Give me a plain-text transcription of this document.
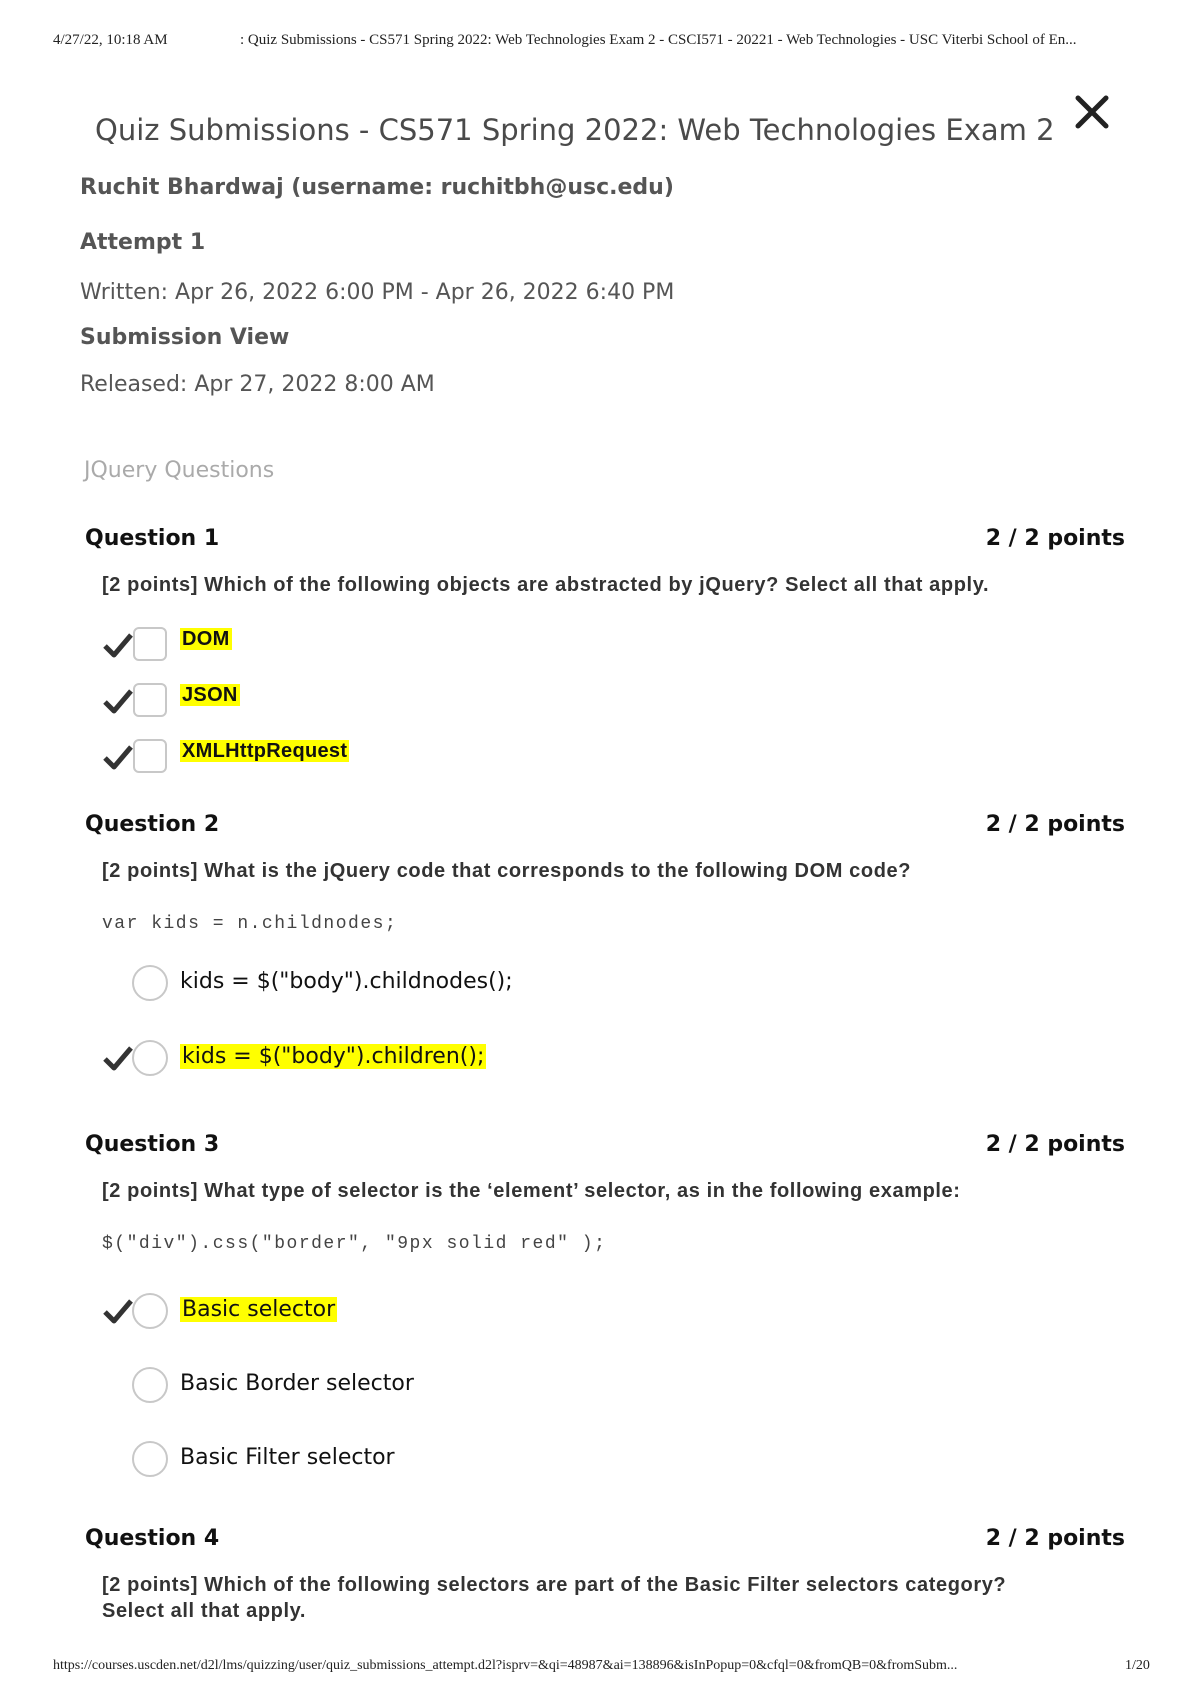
4/27/22, 10:18 AM	: Quiz Submissions - CS571 Spring 2022: Web Technologies Exam 2 - CSCI571 - 20221 - Web Technologies - USC Viterbi School of En...
Quiz Submissions - CS571 Spring 2022: Web Technologies Exam 2
Ruchit Bhardwaj (username: ruchitbh@usc.edu)
Attempt 1
Written: Apr 26, 2022 6:00 PM - Apr 26, 2022 6:40 PM
Submission View
Released: Apr 27, 2022 8:00 AM
JQuery Questions
Question 1	2 / 2 points
[2 points] Which of the following objects are abstracted by jQuery? Select all that apply.
DOM
JSON
XMLHttpRequest
Question 2	2 / 2 points
[2 points] What is the jQuery code that corresponds to the following DOM code?
var kids = n.childnodes;
kids = $("body").childnodes();
kids = $("body").children();
Question 3	2 / 2 points
[2 points] What type of selector is the ‘element’ selector, as in the following example:
$("div").css("border", "9px solid red" );
Basic selector
Basic Border selector
Basic Filter selector
Question 4	2 / 2 points
[2 points] Which of the following selectors are part of the Basic Filter selectors category?
Select all that apply.
https://courses.uscden.net/d2l/lms/quizzing/user/quiz_submissions_attempt.d2l?isprv=&qi=48987&ai=138896&isInPopup=0&cfql=0&fromQB=0&fromSubm...	1/20
